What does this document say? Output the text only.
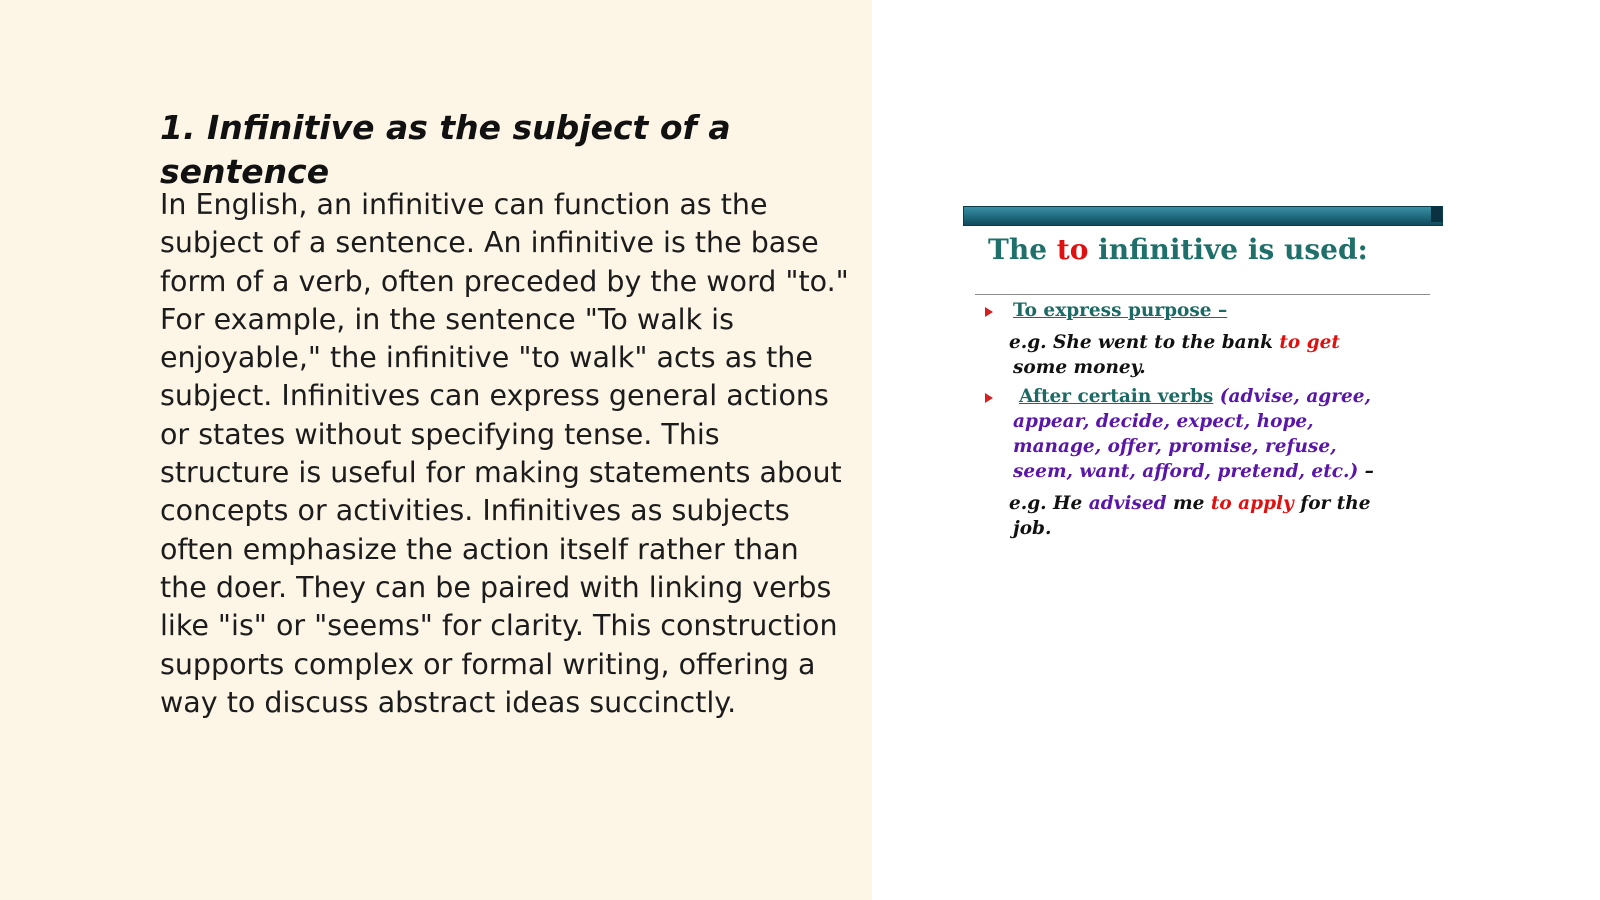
1. Infinitive as the subject of a sentence

In English, an infinitive can function as the subject of a sentence. An infinitive is the base form of a verb, often preceded by the word "to." For example, in the sentence "To walk is enjoyable," the infinitive "to walk" acts as the subject. Infinitives can express general actions or states without specifying tense. This structure is useful for making statements about concepts or activities. Infinitives as subjects often emphasize the action itself rather than the doer. They can be paired with linking verbs like "is" or "seems" for clarity. This construction supports complex or formal writing, offering a way to discuss abstract ideas succinctly.

The to infinitive is used:
To express purpose –
e.g. She went to the bank to get
some money.
After certain verbs (advise, agree,
appear, decide, expect, hope,
manage, offer, promise, refuse,
seem, want, afford, pretend, etc.) –
e.g. He advised me to apply for the
job.
